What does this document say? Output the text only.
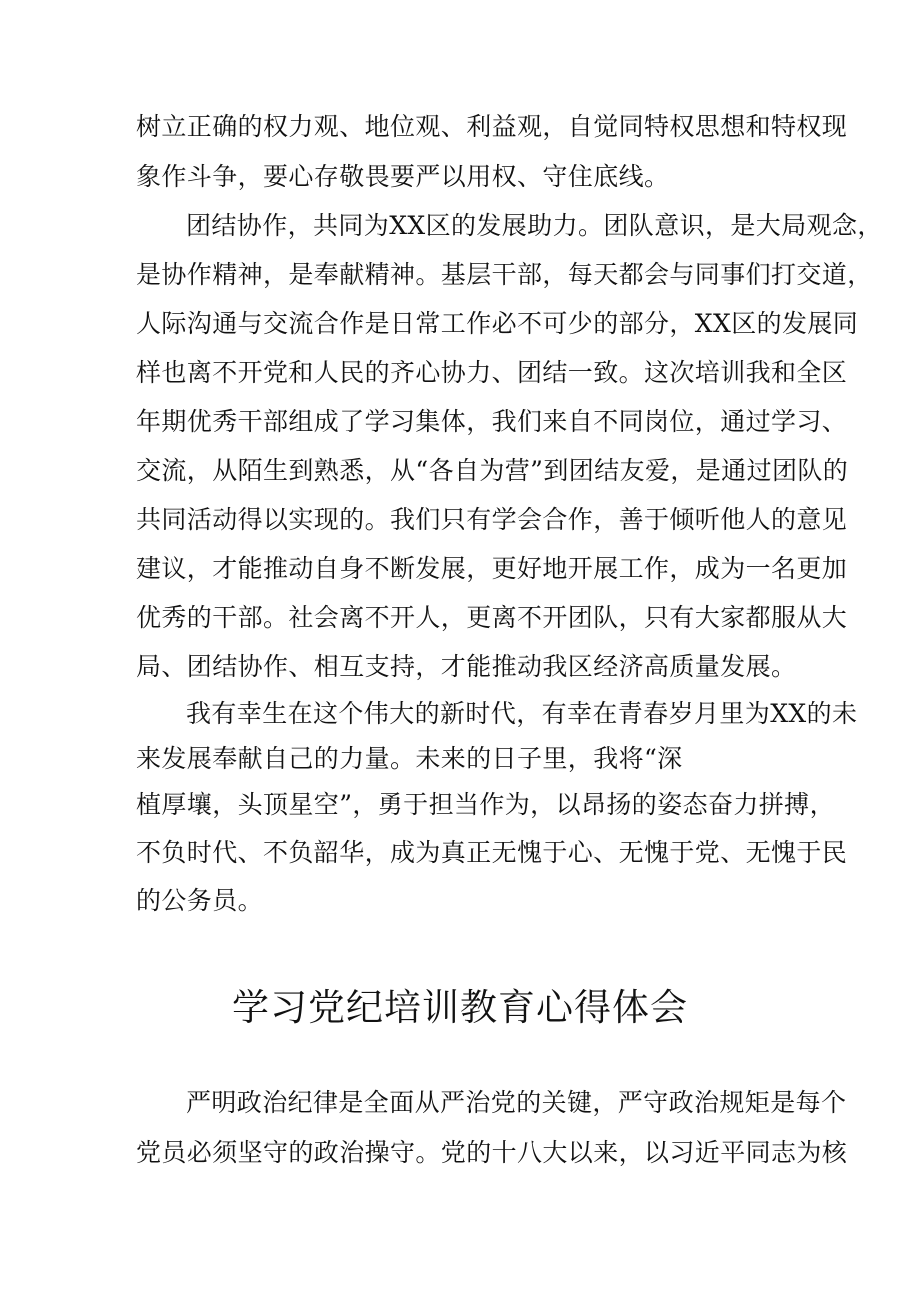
树立正确的权力观、地位观、利益观，自觉同特权思想和特权现
象作斗争，要心存敬畏要严以用权、守住底线。
团结协作，共同为XX区的发展助力。团队意识，是大局观念，
是协作精神，是奉献精神。基层干部，每天都会与同事们打交道，
人际沟通与交流合作是日常工作必不可少的部分，XX区的发展同
样也离不开党和人民的齐心协力、团结一致。这次培训我和全区
年期优秀干部组成了学习集体，我们来自不同岗位，通过学习、
交流，从陌生到熟悉，从“各自为营”到团结友爱，是通过团队的
共同活动得以实现的。我们只有学会合作，善于倾听他人的意见
建议，才能推动自身不断发展，更好地开展工作，成为一名更加
优秀的干部。社会离不开人，更离不开团队，只有大家都服从大
局、团结协作、相互支持，才能推动我区经济高质量发展。
我有幸生在这个伟大的新时代，有幸在青春岁月里为XX的未
来发展奉献自己的力量。未来的日子里，我将“深
植厚壤，头顶星空”，勇于担当作为，以昂扬的姿态奋力拼搏，
不负时代、不负韶华，成为真正无愧于心、无愧于党、无愧于民
的公务员。
学习党纪培训教育心得体会
严明政治纪律是全面从严治党的关键，严守政治规矩是每个
党员必须坚守的政治操守。党的十八大以来，以习近平同志为核
